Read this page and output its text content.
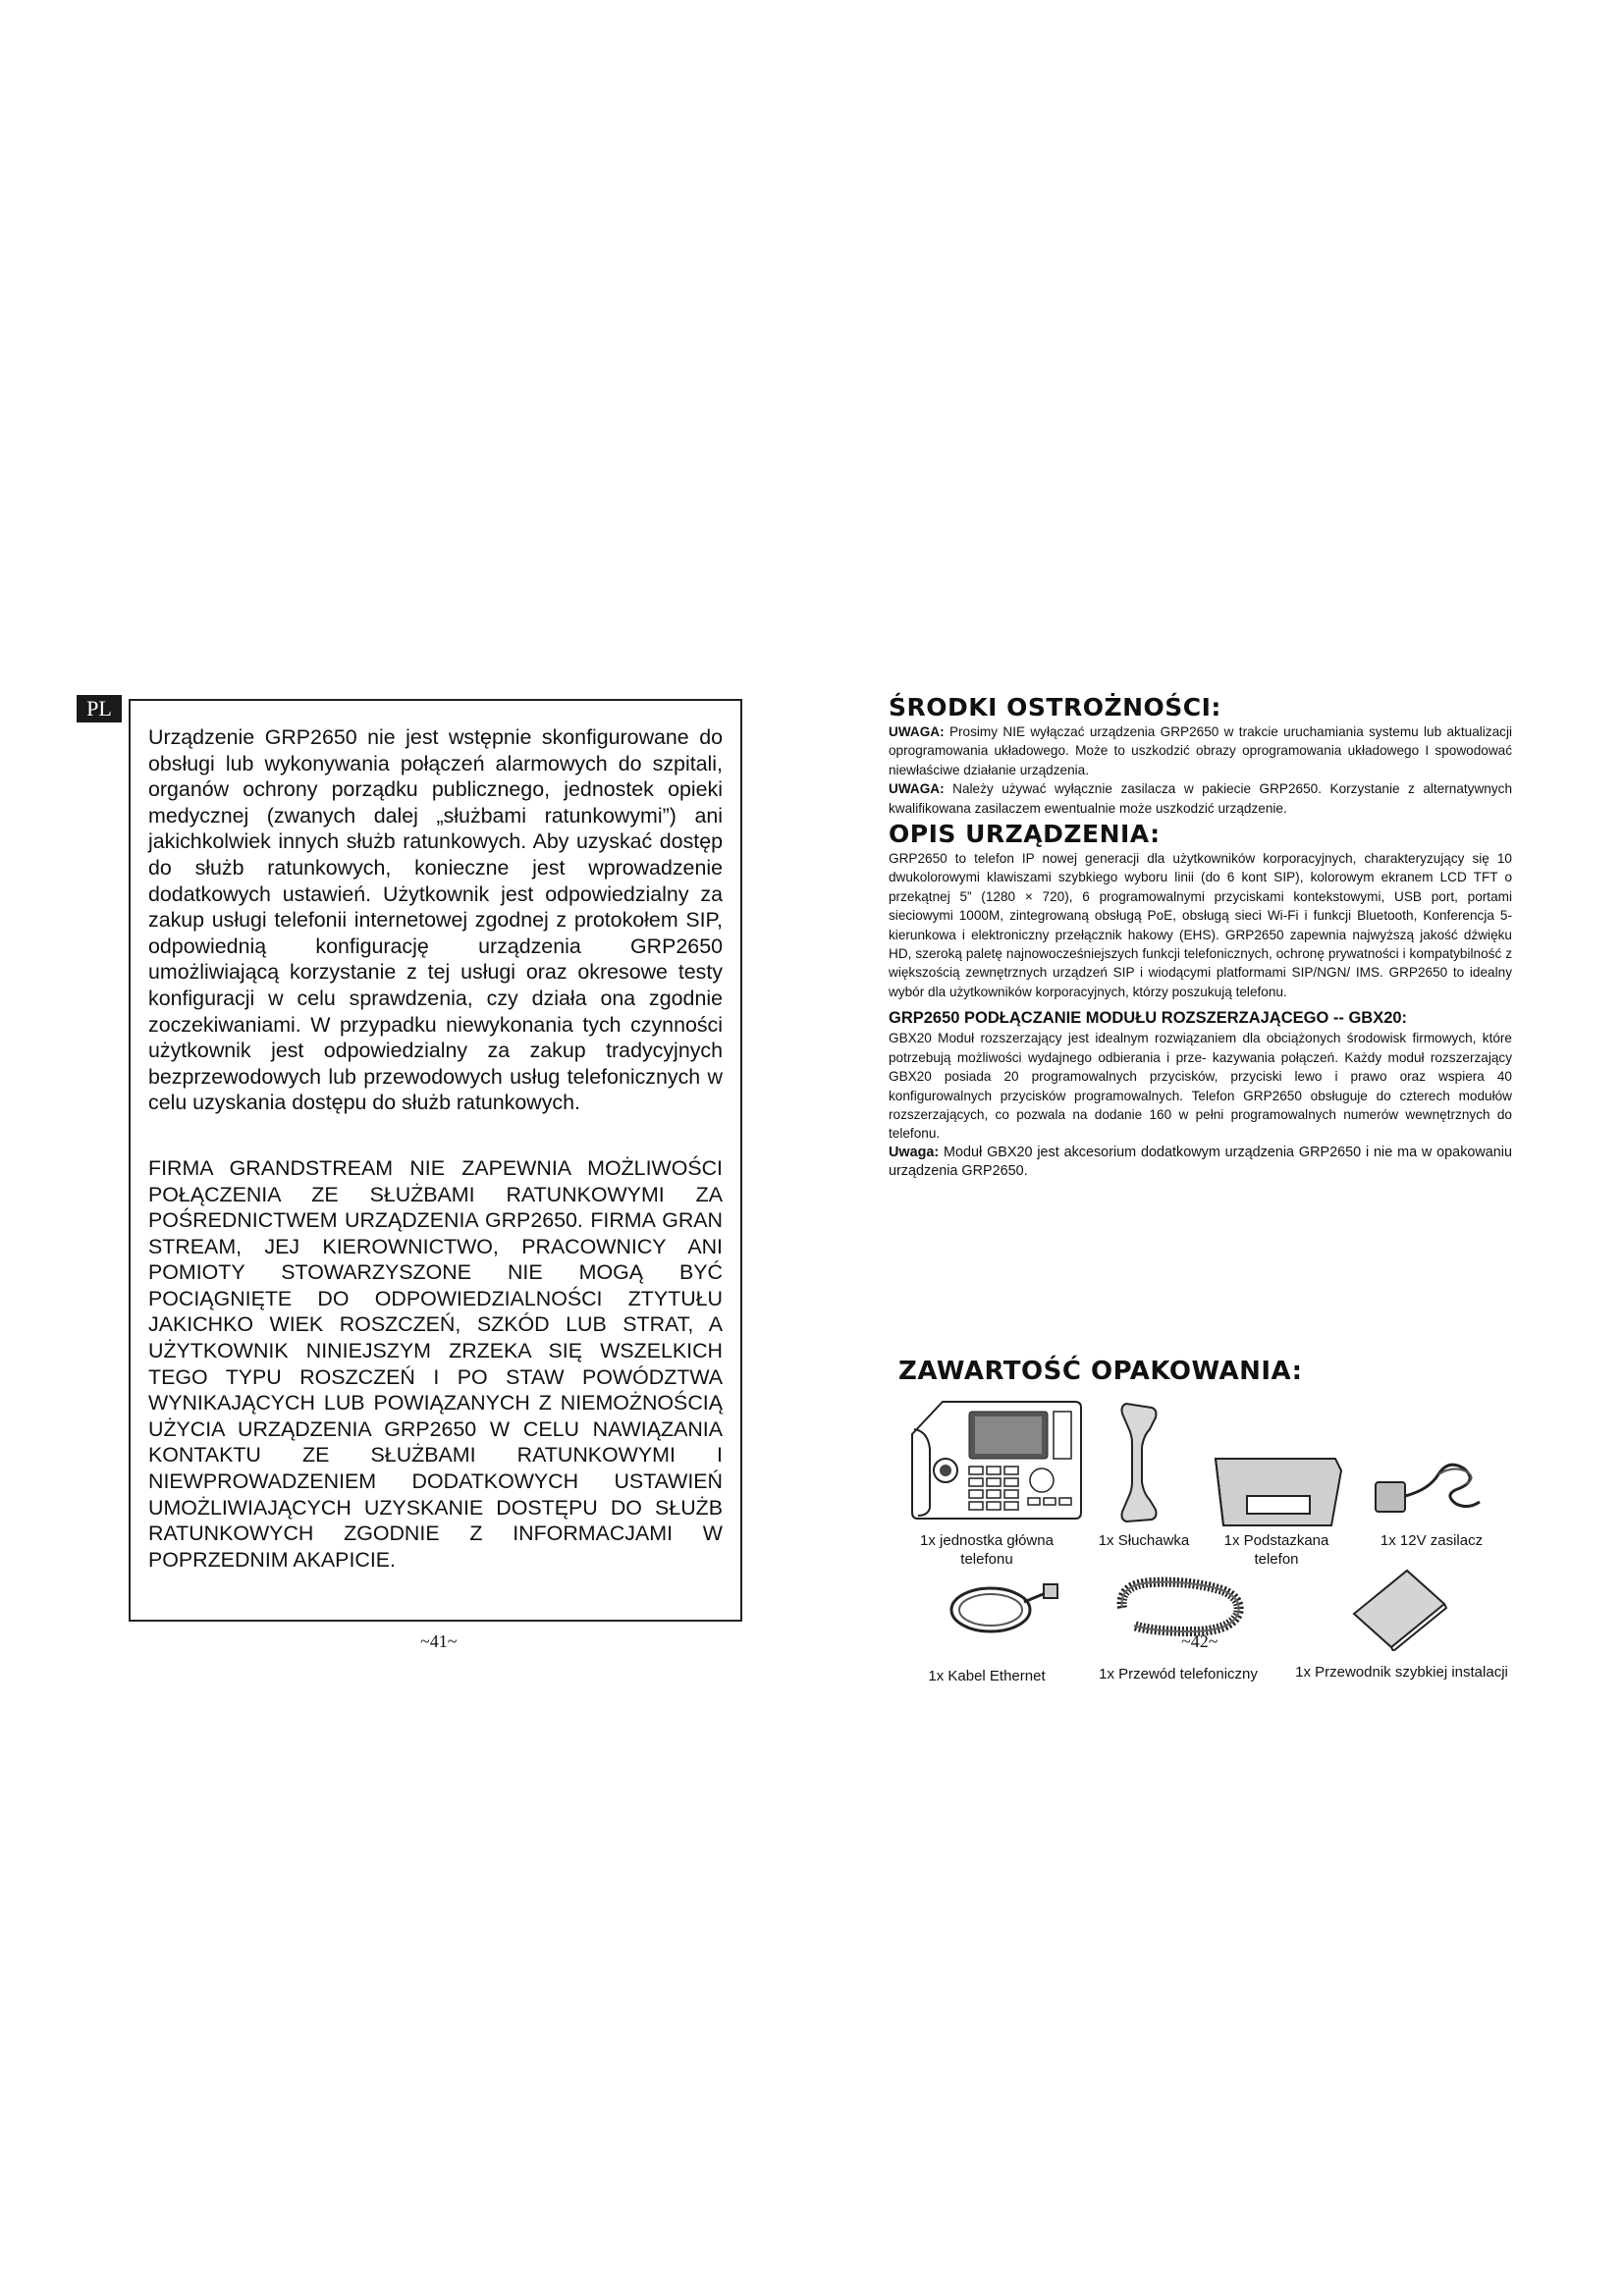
PL

Urządzenie GRP2650 nie jest wstępnie skonfigurowane do obsługi lub wykonywania połączeń alarmowych do szpitali, organów ochrony porządku publicznego, jednostek opieki medycznej (zwanych dalej „służbami ratunkowymi”) ani jakichkolwiek innych służb ratunkowych. Aby uzyskać dostęp do służb ratunkowych, konieczne jest wprowadzenie dodatkowych ustawień. Użytkownik jest odpowiedzialny za zakup usługi telefonii internetowej zgodnej z protokołem SIP, odpowiednią konfigurację urządzenia GRP2650 umożliwiającą korzystanie z tej usługi oraz okresowe testy konfiguracji w celu sprawdzenia, czy działa ona zgodnie zoczekiwaniami. W przypadku niewykonania tych czynności użytkownik jest odpowiedzialny za zakup tradycyjnych bezprzewodowych lub przewodowych usług telefonicznych w celu uzyskania dostępu do służb ratunkowych.

FIRMA GRANDSTREAM NIE ZAPEWNIA MOŻLIWOŚCI POŁĄCZENIA ZE SŁUŻBAMI RATUNKOWYMI ZA POŚREDNICTWEM URZĄDZENIA GRP2650. FIRMA GRAN STREAM, JEJ KIEROWNICTWO, PRACOWNICY ANI POMIOTY STOWARZYSZONE NIE MOGĄ BYĆ POCIĄGNIĘTE DO ODPOWIEDZIALNOŚCI ZTYTUŁU JAKICHKO WIEK ROSZCZEŃ, SZKÓD LUB STRAT, A UŻYTKOWNIK NINIEJSZYM ZRZEKA SIĘ WSZELKICH TEGO TYPU ROSZCZEŃ I PO STAW POWÓDZTWA WYNIKAJĄCYCH LUB POWIĄZANYCH Z NIEMOŻNOŚCIĄ UŻYCIA URZĄDZENIA GRP2650 W CELU NAWIĄZANIA KONTAKTU ZE SŁUŻBAMI RATUNKOWYMI I NIEWPROWADZENIEM DODATKOWYCH USTAWIEŃ UMOŻLIWIAJĄCYCH UZYSKANIE DOSTĘPU DO SŁUŻB RATUNKOWYCH ZGODNIE Z INFORMACJAMI W POPRZEDNIM AKAPICIE.

~41~
ŚRODKI OSTROŻNOŚCI:

UWAGA: Prosimy NIE wyłączać urządzenia GRP2650 w trakcie uruchamiania systemu lub aktualizacji oprogramowania układowego. Może to uszkodzić obrazy oprogramowania układowego I spowodować niewłaściwe działanie urządzenia.

UWAGA: Należy używać wyłącznie zasilacza w pakiecie GRP2650. Korzystanie z alternatywnych kwalifikowana zasilaczem ewentualnie może uszkodzić urządzenie.

OPIS URZĄDZENIA:

GRP2650 to telefon IP nowej generacji dla użytkowników korporacyjnych, charakteryzujący się 10 dwukolorowymi klawiszami szybkiego wyboru linii (do 6 kont SIP), kolorowym ekranem LCD TFT o przekątnej 5” (1280 × 720), 6 programowalnymi przyciskami kontekstowymi, USB port, portami sieciowymi 1000M, zintegrowaną obsługą PoE, obsługą sieci Wi-Fi i funkcji Bluetooth, Konferencja 5-kierunkowa i elektroniczny przełącznik hakowy (EHS). GRP2650 zapewnia najwyższą jakość dźwięku HD, szeroką paletę najnowocześniejszych funkcji telefonicznych, ochronę prywatności i kompatybilność z większością zewnętrznych urządzeń SIP i wiodącymi platformami SIP/NGN/ IMS. GRP2650 to idealny wybór dla użytkowników korporacyjnych, którzy poszukują telefonu.

GRP2650 PODŁĄCZANIE MODUŁU ROZSZERZAJĄCEGO -- GBX20:

GBX20 Moduł rozszerzający jest idealnym rozwiązaniem dla obciążonych środowisk firmowych, które potrzebują możliwości wydajnego odbierania i prze- kazywania połączeń. Każdy moduł rozszerzający GBX20 posiada 20 programowalnych przycisków, przyciski lewo i prawo oraz wspiera 40 konfigurowalnych przycisków programowalnych. Telefon GRP2650 obsługuje do czterech modułów rozszerzających, co pozwala na dodanie 160 w pełni programowalnych numerów wewnętrznych do telefonu.

Uwaga: Moduł GBX20 jest akcesorium dodatkowym urządzenia GRP2650 i nie ma w opakowaniu urządzenia GRP2650.

ZAWARTOŚĆ OPAKOWANIA:
1x jednostka główna
telefonu
1x Słuchawka	1x Podstazkana
telefon
1x 12V zasilacz
1x Kabel Ethernet	1x Przewód telefoniczny	1x Przewodnik szybkiej instalacji
~42~
